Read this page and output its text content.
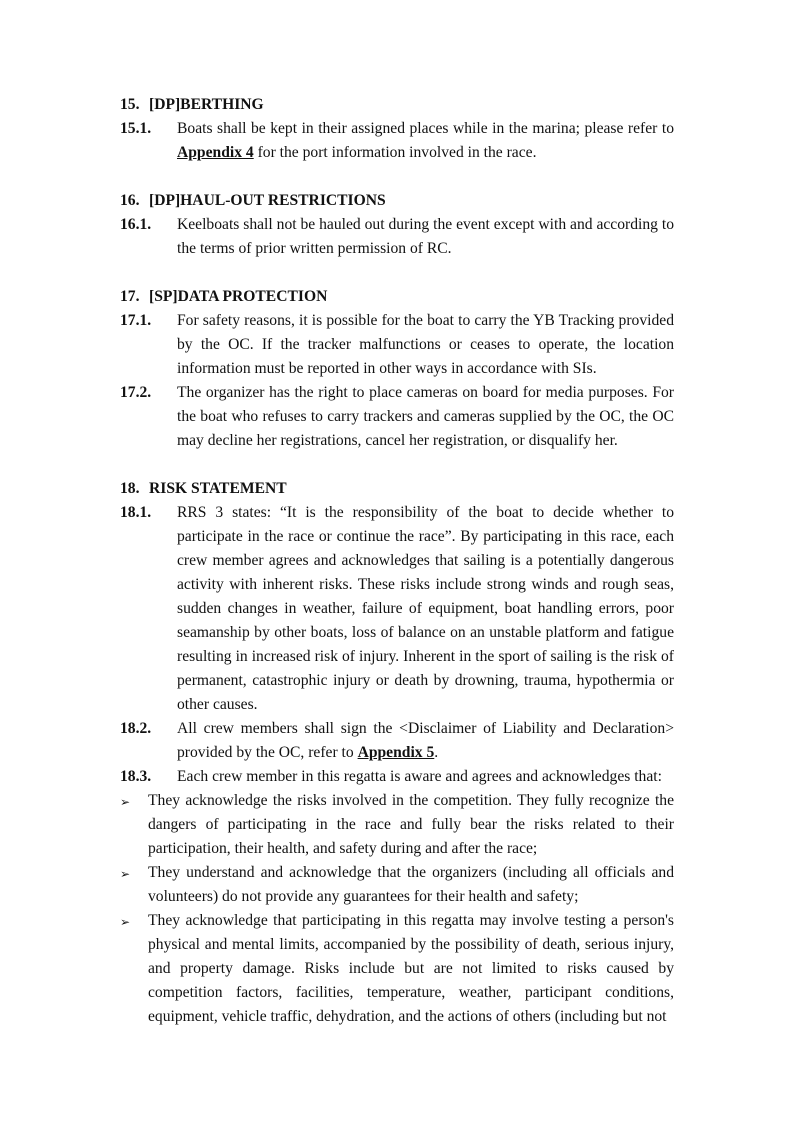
15. [DP]BERTHING
15.1.	Boats shall be kept in their assigned places while in the marina; please refer to Appendix 4 for the port information involved in the race.
16. [DP]HAUL-OUT RESTRICTIONS
16.1.	Keelboats shall not be hauled out during the event except with and according to the terms of prior written permission of RC.
17. [SP]DATA PROTECTION
17.1.	For safety reasons, it is possible for the boat to carry the YB Tracking provided by the OC. If the tracker malfunctions or ceases to operate, the location information must be reported in other ways in accordance with SIs.
17.2.	The organizer has the right to place cameras on board for media purposes. For the boat who refuses to carry trackers and cameras supplied by the OC, the OC may decline her registrations, cancel her registration, or disqualify her.
18. RISK STATEMENT
18.1.	RRS 3 states: “It is the responsibility of the boat to decide whether to participate in the race or continue the race”. By participating in this race, each crew member agrees and acknowledges that sailing is a potentially dangerous activity with inherent risks. These risks include strong winds and rough seas, sudden changes in weather, failure of equipment, boat handling errors, poor seamanship by other boats, loss of balance on an unstable platform and fatigue resulting in increased risk of injury. Inherent in the sport of sailing is the risk of permanent, catastrophic injury or death by drowning, trauma, hypothermia or other causes.
18.2.	All crew members shall sign the <Disclaimer of Liability and Declaration> provided by the OC, refer to Appendix 5.
18.3.	Each crew member in this regatta is aware and agrees and acknowledges that:
➢	They acknowledge the risks involved in the competition. They fully recognize the dangers of participating in the race and fully bear the risks related to their participation, their health, and safety during and after the race;
➢	They understand and acknowledge that the organizers (including all officials and volunteers) do not provide any guarantees for their health and safety;
➢	They acknowledge that participating in this regatta may involve testing a person's physical and mental limits, accompanied by the possibility of death, serious injury, and property damage. Risks include but are not limited to risks caused by competition factors, facilities, temperature, weather, participant conditions, equipment, vehicle traffic, dehydration, and the actions of others (including but not
